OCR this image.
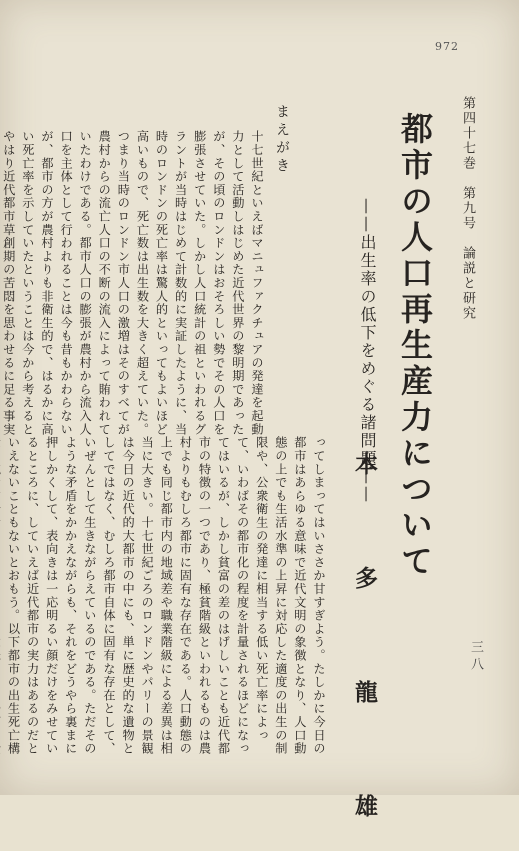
972
第四十七巻　第九号　論説と研究
都市の人口再生産力について
——出生率の低下をめぐる諸問題——
本　多　龍　雄
まえがき
十七世紀といえばマニュファクチュアの発達を起動力として活動しはじめた近代世界の黎明期であったが、その頃のロンドンはおそろしい勢でその人口を膨張させていた。しかし人口統計の祖といわれるグラントが当時はじめて計数的に実証したように、当時のロンドンの死亡率は驚人的といってもよいほど高いもので、死亡数は出生数を大きく超えていた。つまり当時のロンドン市人口の激増はそのすべてが農村からの流亡人口の不断の流入によって賄われていたわけである。都市人口の膨張が農村から流入人口を主体として行われることは今も昔もかわらないが、都市の方が農村よりも非衛生的で、はるかに高い死亡率を示していたということは今から考えるとやはり近代都市草創期の苦悶を思わせるに足る事実
ってしまってはいささか甘すぎよう。たしかに今日の都市はあらゆる意味で近代文明の象徴となり、人口動態の上でも生活水準の上昇に対応した適度の出生の制限や、公衆衛生の発達に相当する低い死亡率によって、いわばその都市化の程度を計量されるほどになってはいるが、しかし貧富の差のはげしいことも近代都市の特徴の一つであり、極貧階級といわれるものは農村よりもむしろ都市に固有な存在である。人口動態の上でも同じ都市内の地域差や職業階級による差異は相当に大きい。十七世紀ごろのロンドンやパリーの景観は今日の近代的大都市の中にも、単に歴史的な遺物としてではなく、むしろ都市自体に固有な存在として、いぜんとして生きながらえているのである。ただそのような矛盾をかかえながらも、それをどうやら裏まに押しかくして、表向きは一応明るい顔だけをみせているところに、していえば近代都市の実力はあるのだといえないこともないとおもう。以下都市の出生死亡構
三八
